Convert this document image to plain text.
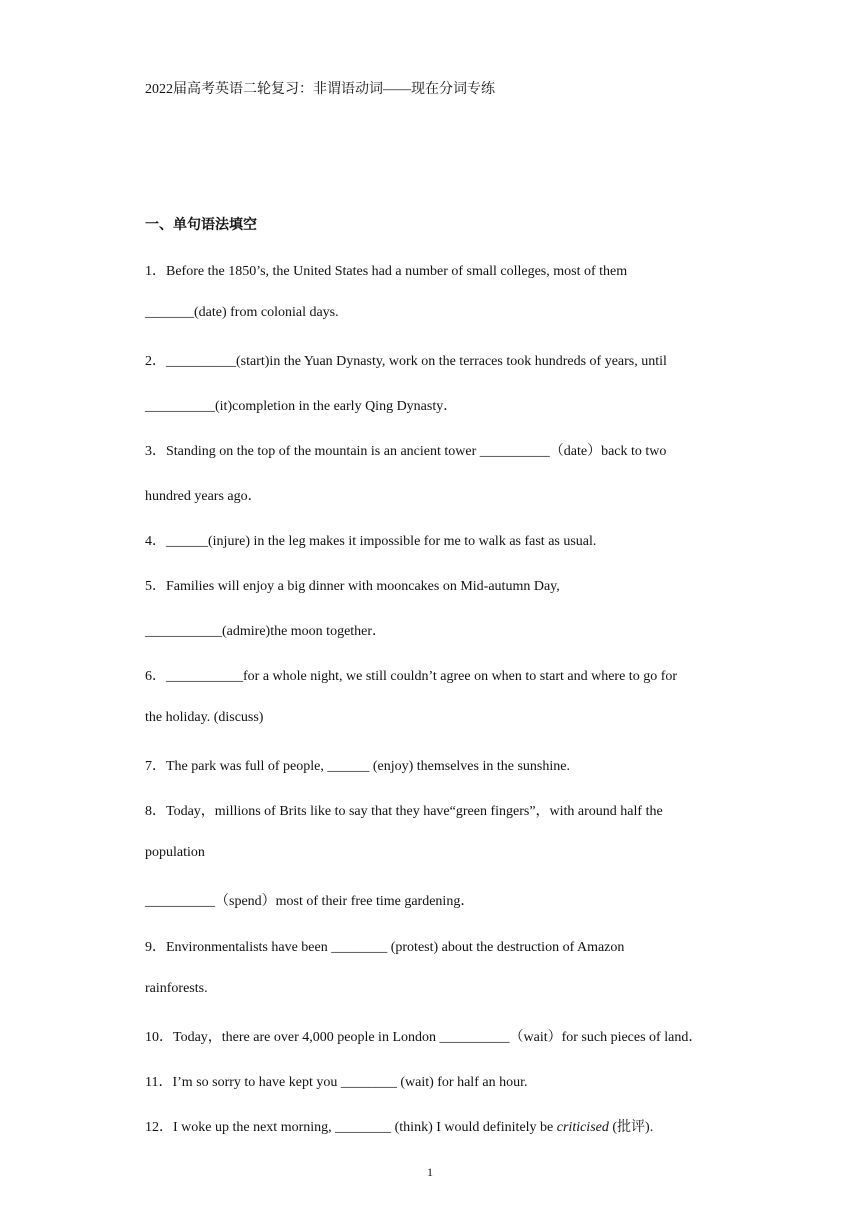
2022届高考英语二轮复习：非谓语动词——现在分词专练
一、单句语法填空
1．Before the 1850’s, the United States had a number of small colleges, most of them
_______(date) from colonial days.
2．__________(start)in the Yuan Dynasty, work on the terraces took hundreds of years, until
__________(it)completion in the early Qing Dynasty．
3．Standing on the top of the mountain is an ancient tower __________（date）back to two
hundred years ago．
4．______(injure) in the leg makes it impossible for me to walk as fast as usual.
5．Families will enjoy a big dinner with mooncakes on Mid-autumn Day,
___________(admire)the moon together．
6．___________for a whole night, we still couldn’t agree on when to start and where to go for
the holiday. (discuss)
7．The park was full of people, ______ (enjoy) themselves in the sunshine.
8．Today，millions of Brits like to say that they have“green fingers”，with around half the
population
__________（spend）most of their free time gardening．
9．Environmentalists have been ________ (protest) about the destruction of Amazon
rainforests.
10．Today，there are over 4,000 people in London __________（wait）for such pieces of land．
11．I’m so sorry to have kept you ________ (wait) for half an hour.
12．I woke up the next morning, ________ (think) I would definitely be criticised (批评).
1
